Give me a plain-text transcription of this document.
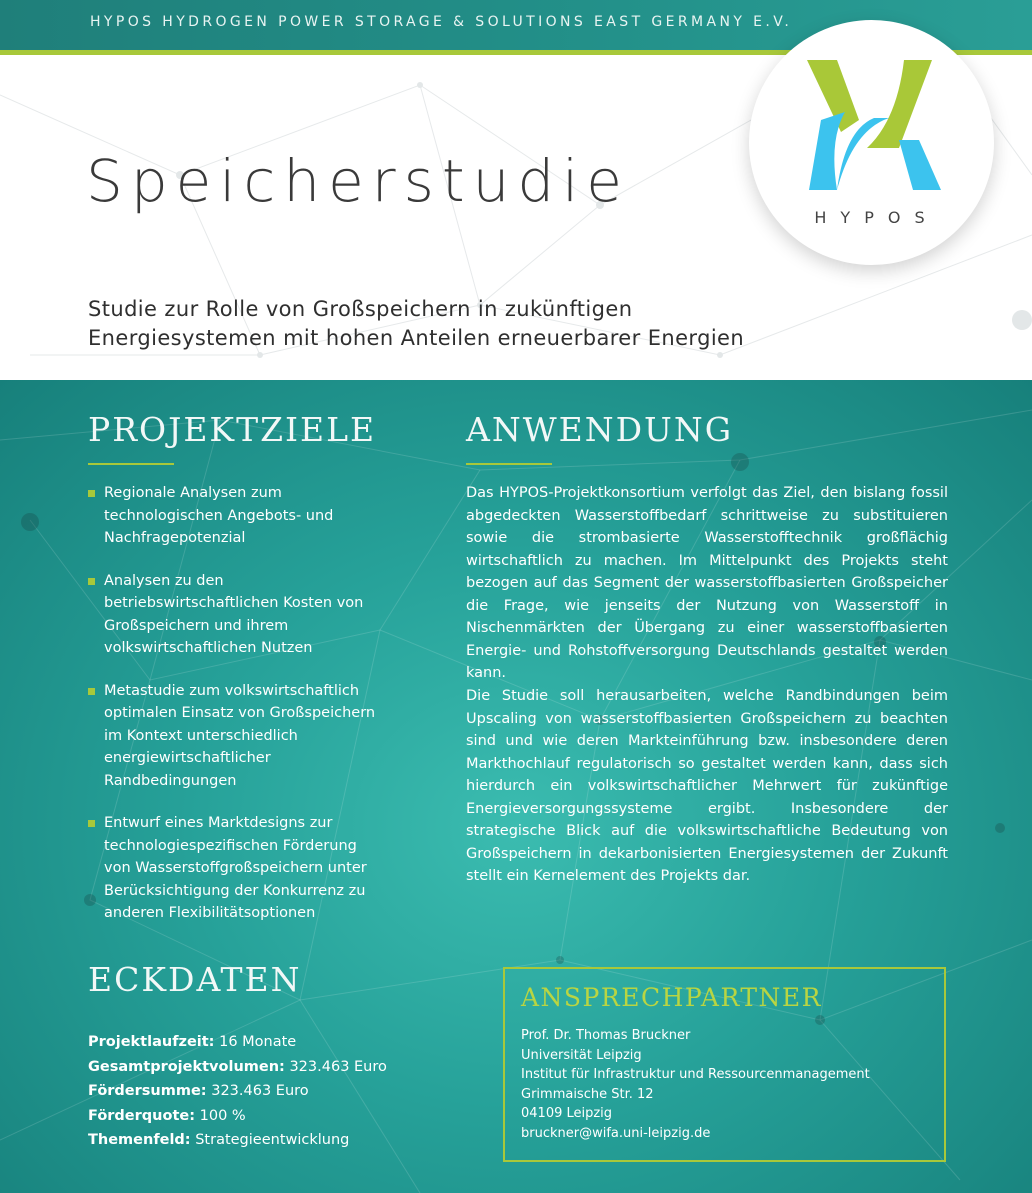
HYPOS HYDROGEN POWER STORAGE & SOLUTIONS EAST GERMANY E.V.
Speicherstudie
Studie zur Rolle von Großspeichern in zukünftigen
Energiesystemen mit hohen Anteilen erneuerbarer Energien
HYPOS
PROJEKTZIELE
Regionale Analysen zum technologischen Angebots- und Nachfragepotenzial
Analysen zu den betriebswirtschaftlichen Kosten von Großspeichern und ihrem volkswirtschaftlichen Nutzen
Metastudie zum volkswirtschaftlich optimalen Einsatz von Großspeichern im Kontext unterschiedlich energiewirtschaftlicher Randbedingungen
Entwurf eines Marktdesigns zur technologiespezifischen Förderung von Wasserstoffgroßspeichern unter Berücksichtigung der Konkurrenz zu anderen Flexibilitätsoptionen
ANWENDUNG

Das HYPOS-Projektkonsortium verfolgt das Ziel, den bislang fossil abgedeckten Wasserstoffbedarf schrittweise zu substituieren sowie die strombasierte Wasserstofftechnik großflächig wirtschaftlich zu machen. Im Mittelpunkt des Projekts steht bezogen auf das Segment der wasserstoffbasierten Großspeicher die Frage, wie jenseits der Nutzung von Wasserstoff in Nischenmärkten der Übergang zu einer wasserstoffbasierten Energie- und Rohstoffversorgung Deutschlands gestaltet werden kann.

Die Studie soll herausarbeiten, welche Randbindungen beim Upscaling von wasserstoffbasierten Großspeichern zu beachten sind und wie deren Markteinführung bzw. insbesondere deren Markthochlauf regulatorisch so gestaltet werden kann, dass sich hierdurch ein volkswirtschaftlicher Mehrwert für zukünftige Energieversorgungssysteme ergibt. Insbesondere der strategische Blick auf die volkswirtschaftliche Bedeutung von Großspeichern in dekarbonisierten Energiesystemen der Zukunft stellt ein Kernelement des Projekts dar.

ECKDATEN
Projektlaufzeit: 16 Monate
Gesamtprojektvolumen: 323.463 Euro
Fördersumme: 323.463 Euro
Förderquote: 100 %
Themenfeld: Strategieentwicklung
ANSPRECHPARTNER
Prof. Dr. Thomas Bruckner
Universität Leipzig
Institut für Infrastruktur und Ressourcenmanagement
Grimmaische Str. 12
04109 Leipzig
bruckner@wifa.uni-leipzig.de
